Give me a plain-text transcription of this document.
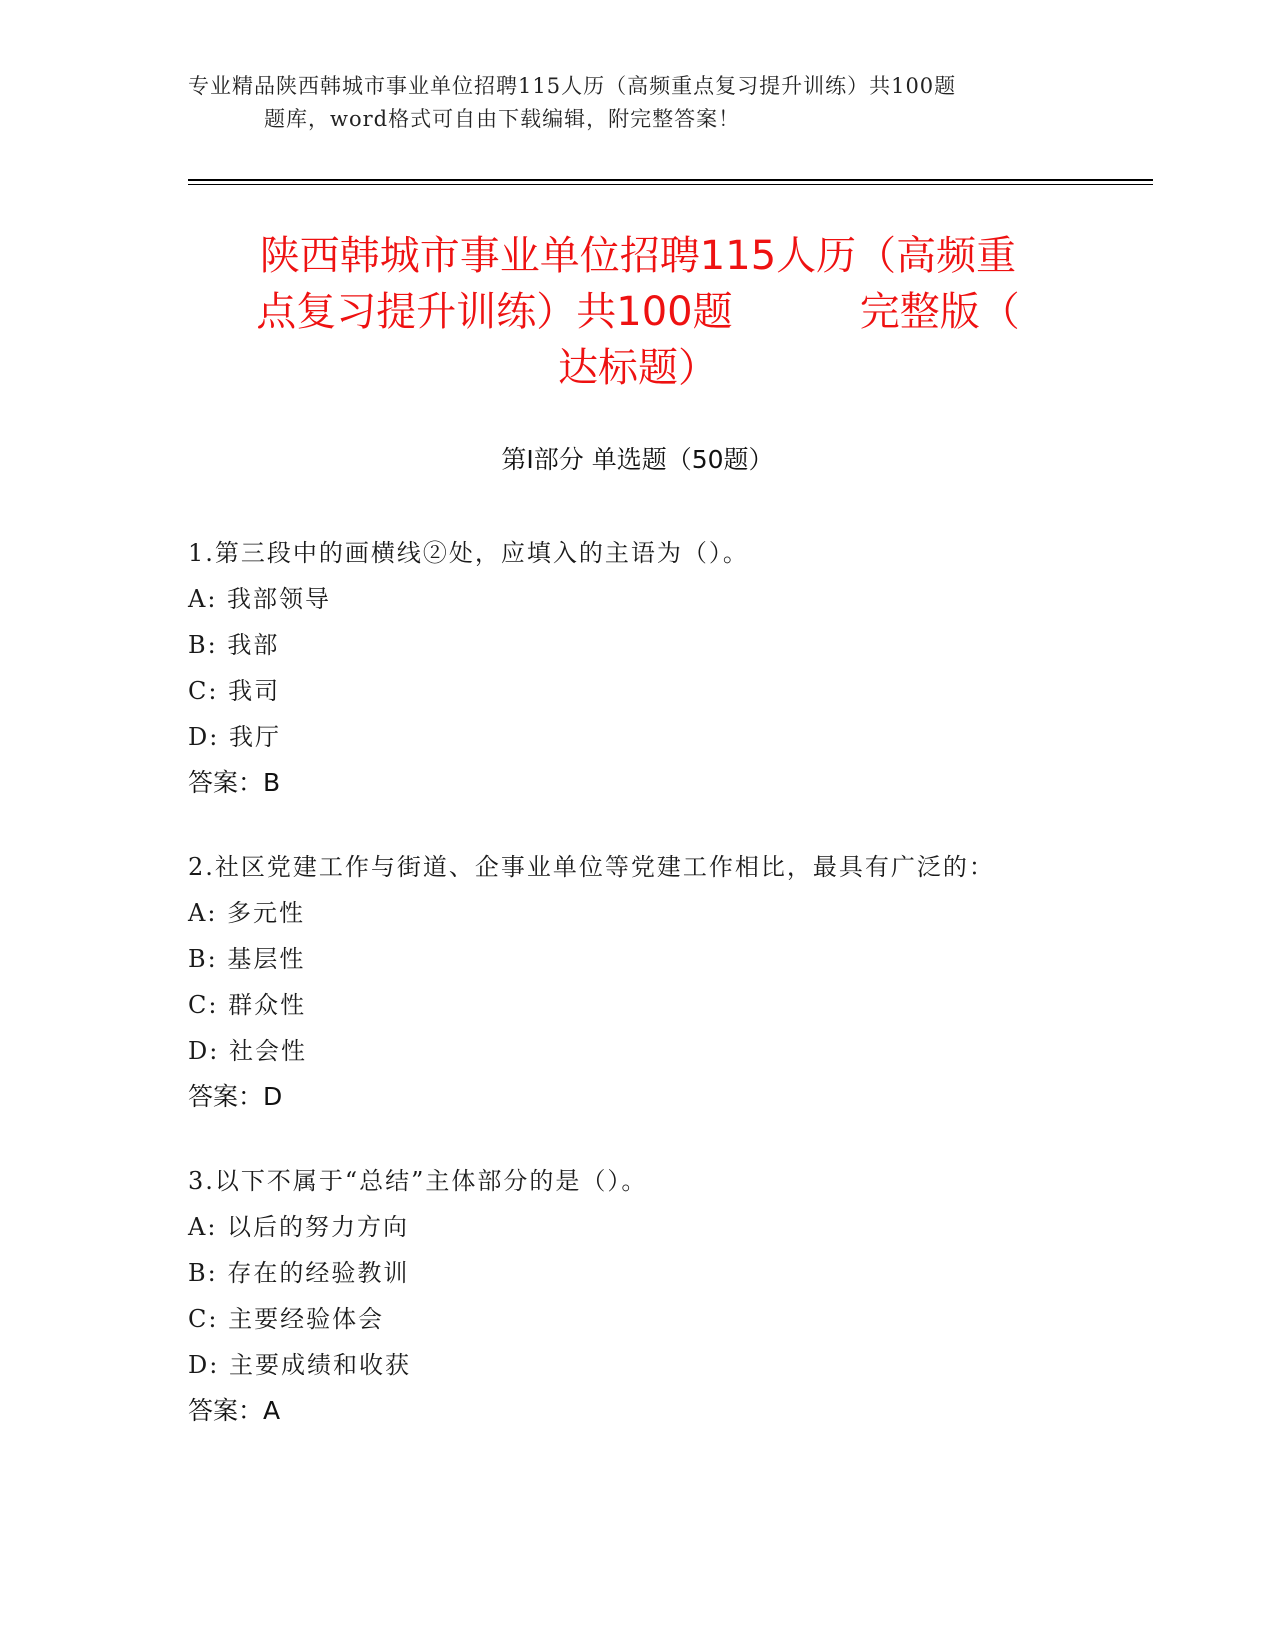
专业精品陕西韩城市事业单位招聘115人历（高频重点复习提升训练）共100题
题库，word格式可自由下载编辑，附完整答案！
陕西韩城市事业单位招聘115人历（高频重
点复习提升训练）共100题          完整版（
达标题）
第Ⅰ部分 单选题（50题）
1.第三段中的画横线②处，应填入的主语为（）。
A: 我部领导
B: 我部
C: 我司
D: 我厅
答案：B
2.社区党建工作与街道、企事业单位等党建工作相比，最具有广泛的：
A: 多元性
B: 基层性
C: 群众性
D: 社会性
答案：D
3.以下不属于“总结”主体部分的是（）。
A: 以后的努力方向
B: 存在的经验教训
C: 主要经验体会
D: 主要成绩和收获
答案：A
